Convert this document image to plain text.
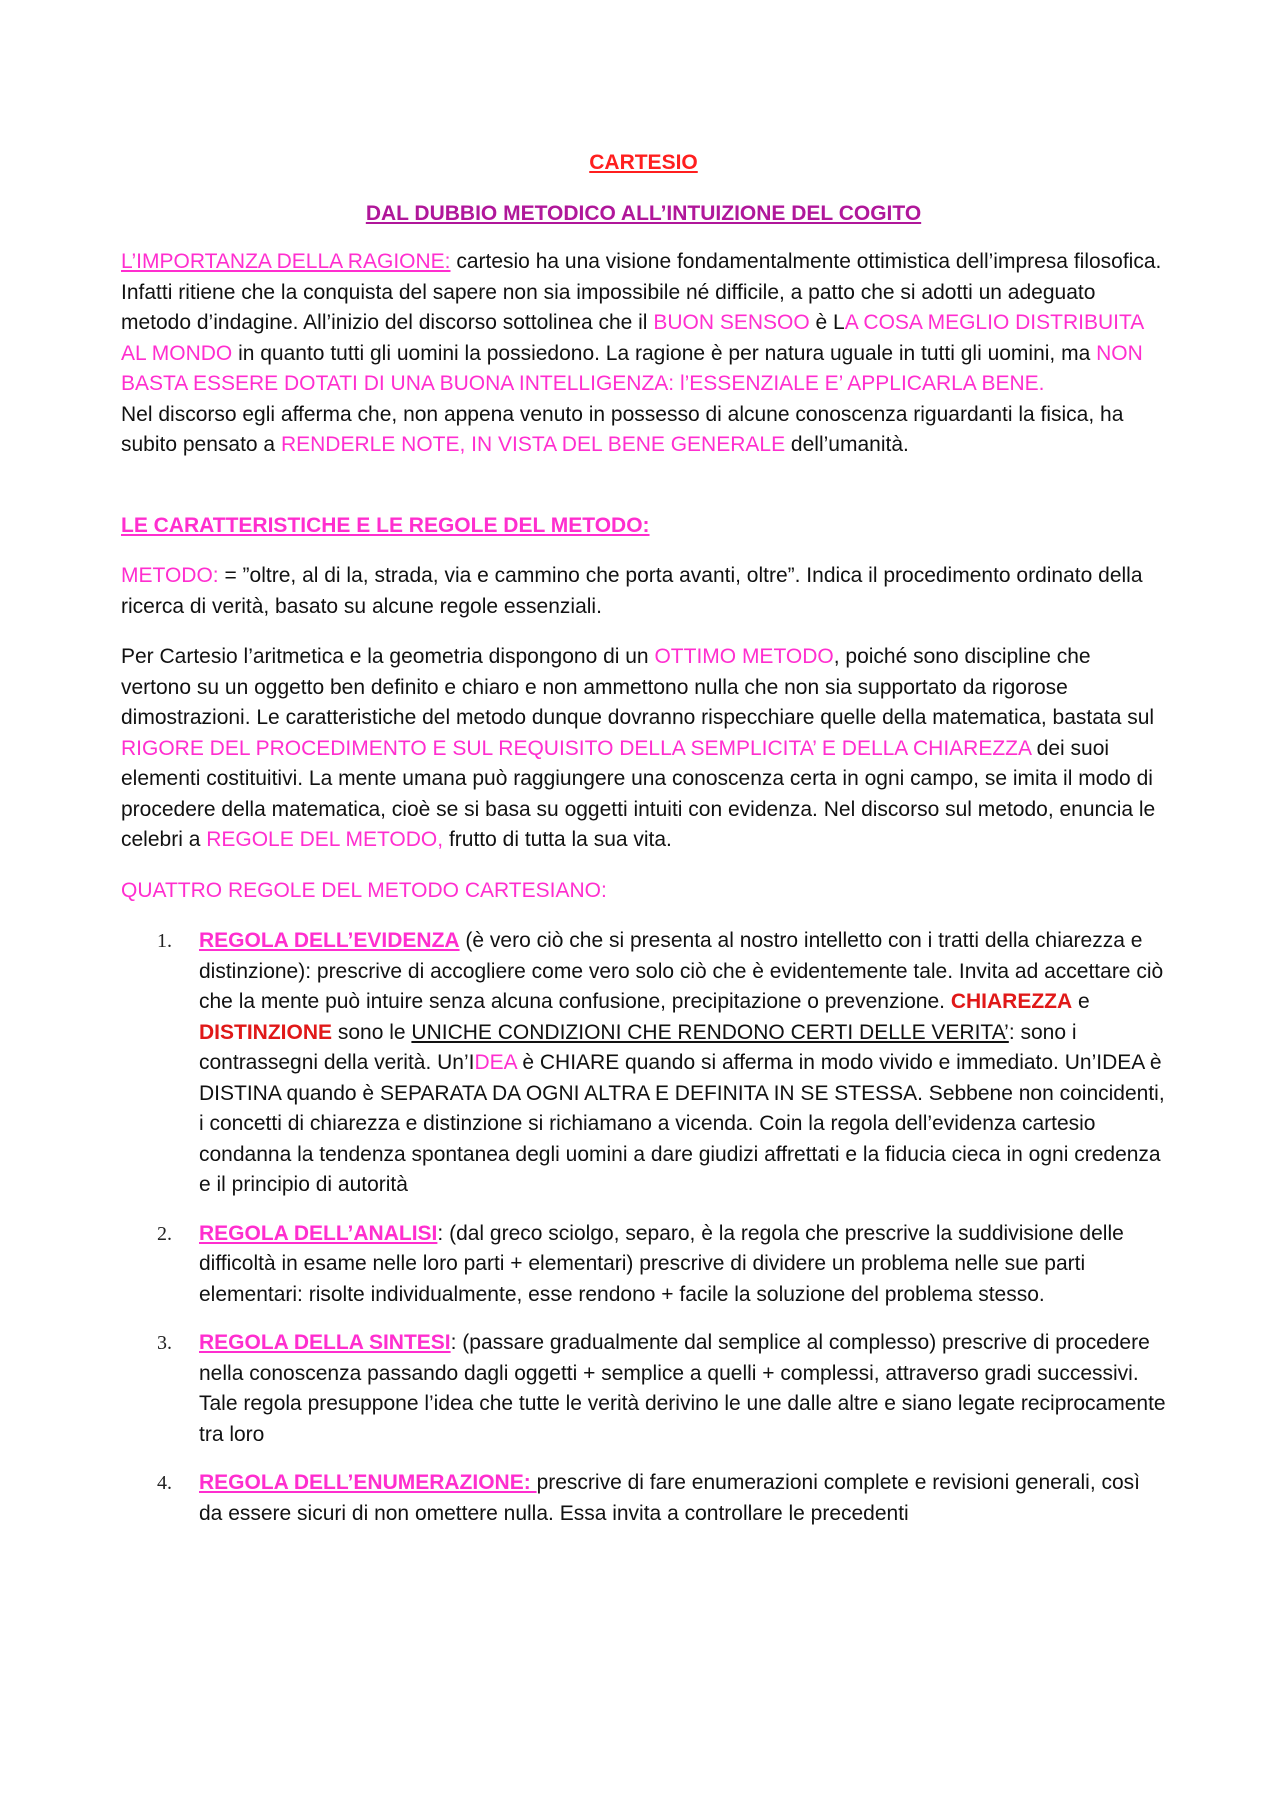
CARTESIO
DAL DUBBIO METODICO ALL’INTUIZIONE DEL COGITO

L’IMPORTANZA DELLA RAGIONE: cartesio ha una visione fondamentalmente ottimistica dell’impresa filosofica. Infatti ritiene che la conquista del sapere non sia impossibile né difficile, a patto che si adotti un adeguato metodo d’indagine. All’inizio del discorso sottolinea che il BUON SENSOO è LA COSA MEGLIO DISTRIBUITA AL MONDO in quanto tutti gli uomini la possiedono. La ragione è per natura uguale in tutti gli uomini, ma NON BASTA ESSERE DOTATI DI UNA BUONA INTELLIGENZA: l’ESSENZIALE E’ APPLICARLA BENE.
Nel discorso egli afferma che, non appena venuto in possesso di alcune conoscenza riguardanti la fisica, ha subito pensato a RENDERLE NOTE, IN VISTA DEL BENE GENERALE dell’umanità.

LE CARATTERISTICHE E LE REGOLE DEL METODO:

METODO: = ”oltre, al di la, strada, via e cammino che porta avanti, oltre”. Indica il procedimento ordinato della ricerca di verità, basato su alcune regole essenziali.

Per Cartesio l’aritmetica e la geometria dispongono di un OTTIMO METODO, poiché sono discipline che vertono su un oggetto ben definito e chiaro e non ammettono nulla che non sia supportato da rigorose dimostrazioni. Le caratteristiche del metodo dunque dovranno rispecchiare quelle della matematica, bastata sul RIGORE DEL PROCEDIMENTO E SUL REQUISITO DELLA SEMPLICITA’ E DELLA CHIAREZZA dei suoi elementi costituitivi. La mente umana può raggiungere una conoscenza certa in ogni campo, se imita il modo di procedere della matematica, cioè se si basa su oggetti intuiti con evidenza. Nel discorso sul metodo, enuncia le celebri a REGOLE DEL METODO, frutto di tutta la sua vita.

QUATTRO REGOLE DEL METODO CARTESIANO:

1. REGOLA DELL’EVIDENZA (è vero ciò che si presenta al nostro intelletto con i tratti della chiarezza e distinzione): prescrive di accogliere come vero solo ciò che è evidentemente tale. Invita ad accettare ciò che la mente può intuire senza alcuna confusione, precipitazione o prevenzione. CHIAREZZA e DISTINZIONE sono le UNICHE CONDIZIONI CHE RENDONO CERTI DELLE VERITA’: sono i contrassegni della verità. Un’IDEA è CHIARE quando si afferma in modo vivido e immediato. Un’IDEA è DISTINA quando è SEPARATA DA OGNI ALTRA E DEFINITA IN SE STESSA. Sebbene non coincidenti, i concetti di chiarezza e distinzione si richiamano a vicenda. Coin la regola dell’evidenza cartesio condanna la tendenza spontanea degli uomini a dare giudizi affrettati e la fiducia cieca in ogni credenza e il principio di autorità
2. REGOLA DELL’ANALISI: (dal greco sciolgo, separo, è la regola che prescrive la suddivisione delle difficoltà in esame nelle loro parti + elementari) prescrive di dividere un problema nelle sue parti elementari: risolte individualmente, esse rendono + facile la soluzione del problema stesso.
3. REGOLA DELLA SINTESI: (passare gradualmente dal semplice al complesso) prescrive di procedere nella conoscenza passando dagli oggetti + semplice a quelli + complessi, attraverso gradi successivi. Tale regola presuppone l’idea che tutte le verità derivino le une dalle altre e siano legate reciprocamente tra loro
4. REGOLA DELL’ENUMERAZIONE: prescrive di fare enumerazioni complete e revisioni generali, così da essere sicuri di non omettere nulla. Essa invita a controllare le precedenti
